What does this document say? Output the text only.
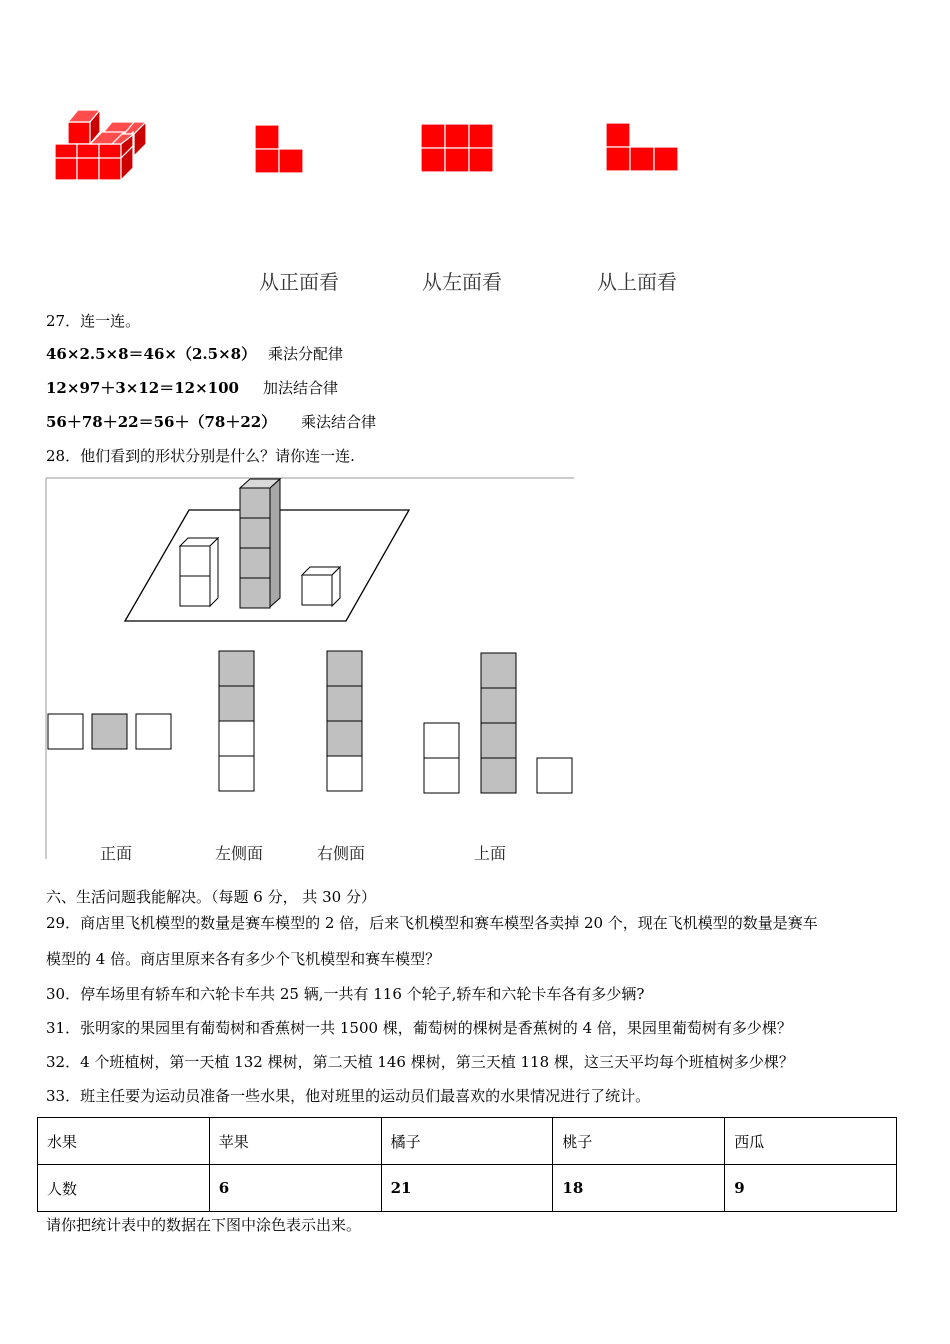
从正面看	从左面看	从上面看
27．连一连。
46×2.5×8＝46×（2.5×8） 乘法分配律
12×97＋3×12＝12×100 加法结合律
56＋78＋22＝56＋（78＋22） 乘法结合律
28．他们看到的形状分别是什么？请你连一连.
正面	左侧面	右侧面	上面
六、生活问题我能解决。（每题 6 分， 共 30 分）
29．商店里飞机模型的数量是赛车模型的 2 倍，后来飞机模型和赛车模型各卖掉 20 个，现在飞机模型的数量是赛车
模型的 4 倍。商店里原来各有多少个飞机模型和赛车模型？
30．停车场里有轿车和六轮卡车共 25 辆,一共有 116 个轮子,轿车和六轮卡车各有多少辆?
31．张明家的果园里有葡萄树和香蕉树一共 1500 棵，葡萄树的棵树是香蕉树的 4 倍，果园里葡萄树有多少棵？
32．4 个班植树，第一天植 132 棵树，第二天植 146 棵树，第三天植 118 棵，这三天平均每个班植树多少棵？
33．班主任要为运动员准备一些水果，他对班里的运动员们最喜欢的水果情况进行了统计。
水果	苹果	橘子	桃子	西瓜
人数	6	21	18	9
请你把统计表中的数据在下图中涂色表示出来。
